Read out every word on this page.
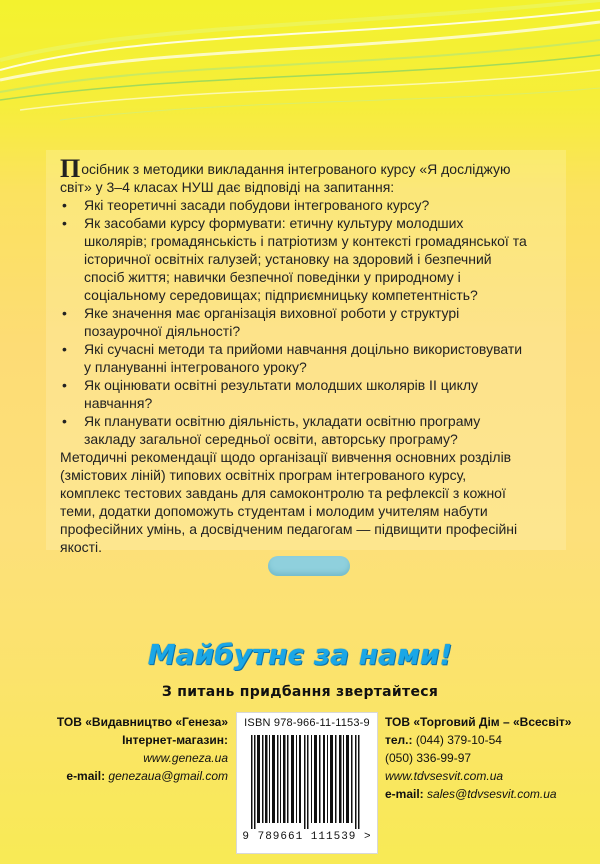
Посібник з методики викладання інтегрованого курсу «Я досліджую світ» у 3–4 класах НУШ дає відповіді на запитання:

• Які теоретичні засади побудови інтегрованого курсу?
• Як засобами курсу формувати: етичну культуру молодших школярів; громадянськість і патріотизм у контексті громадянської та історичної освітніх галузей; установку на здоровий і безпечний спосіб життя; навички безпечної поведінки у природному і соціальному середовищах; підприємницьку компетентність?
• Яке значення має організація виховної роботи у структурі позаурочної діяльності?
• Які сучасні методи та прийоми навчання доцільно використовувати у плануванні інтегрованого уроку?
• Як оцінювати освітні результати молодших школярів II циклу навчання?
• Як планувати освітню діяльність, укладати освітню програму закладу загальної середньої освіти, авторську програму?

Методичні рекомендації щодо організації вивчення основних розділів (змістових ліній) типових освітніх програм інтегрованого курсу, комплекс тестових завдань для самоконтролю та рефлексії з кожної теми, додатки допоможуть студентам і молодим учителям набути професійних умінь, а досвідченим педагогам — підвищити професійні якості.

Майбутнє за нами!
З питань придбання звертайтеся
ТОВ «Видавництво «Генеза»
Інтернет-магазин:
www.geneza.ua
e-mail: genezaua@gmail.com
ISBN 978-966-11-1153-9
9 789661 111539 >
ТОВ «Торговий Дім – «Всесвіт»
тел.: (044) 379-10-54
(050) 336-99-97
www.tdvsesvit.com.ua
e-mail: sales@tdvsesvit.com.ua
